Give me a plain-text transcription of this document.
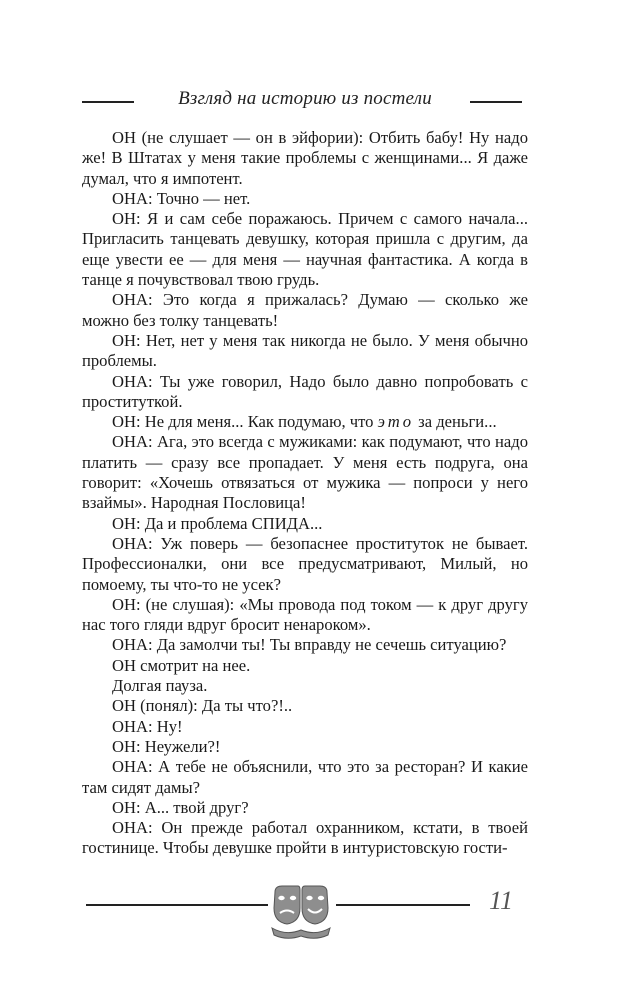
Взгляд на историю из постели

ОН (не слушает — он в эйфории): Отбить бабу! Ну надо же! В Штатах у меня такие проблемы с женщинами... Я даже думал, что я импотент.

ОНА: Точно — нет.

ОН: Я и сам себе поражаюсь. Причем с самого начала... Пригласить танцевать девушку, которая пришла с другим, да еще увести ее — для меня — научная фантастика. А когда в танце я почувствовал твою грудь.

ОНА: Это когда я прижалась? Думаю — сколько же можно без толку танцевать!

ОН: Нет, нет у меня так никогда не было. У меня обычно проблемы.

ОНА: Ты уже говорил, Надо было давно попробовать с проституткой.

ОН: Не для меня... Как подумаю, что это за деньги...

ОНА: Ага, это всегда с мужиками: как подумают, что надо платить — сразу все пропадает. У меня есть подруга, она говорит: «Хочешь отвязаться от мужика — попроси у него взаймы». Народная Пословица!

ОН: Да и проблема СПИДА...

ОНА: Уж поверь — безопаснее проституток не бывает. Профессионалки, они все предусматривают, Милый, но помоему, ты что-то не усек?

ОН: (не слушая): «Мы провода под током — к друг другу нас того гляди вдруг бросит ненароком».

ОНА: Да замолчи ты! Ты вправду не сечешь ситуацию?

ОН смотрит на нее.

Долгая пауза.

ОН (понял): Да ты что?!..

ОНА: Ну!

ОН: Неужели?!

ОНА: А тебе не объяснили, что это за ресторан? И какие там сидят дамы?

ОН: А... твой друг?

ОНА: Он прежде работал охранником, кстати, в твоей гостинице. Чтобы девушке пройти в интуристовскую гости-

11
